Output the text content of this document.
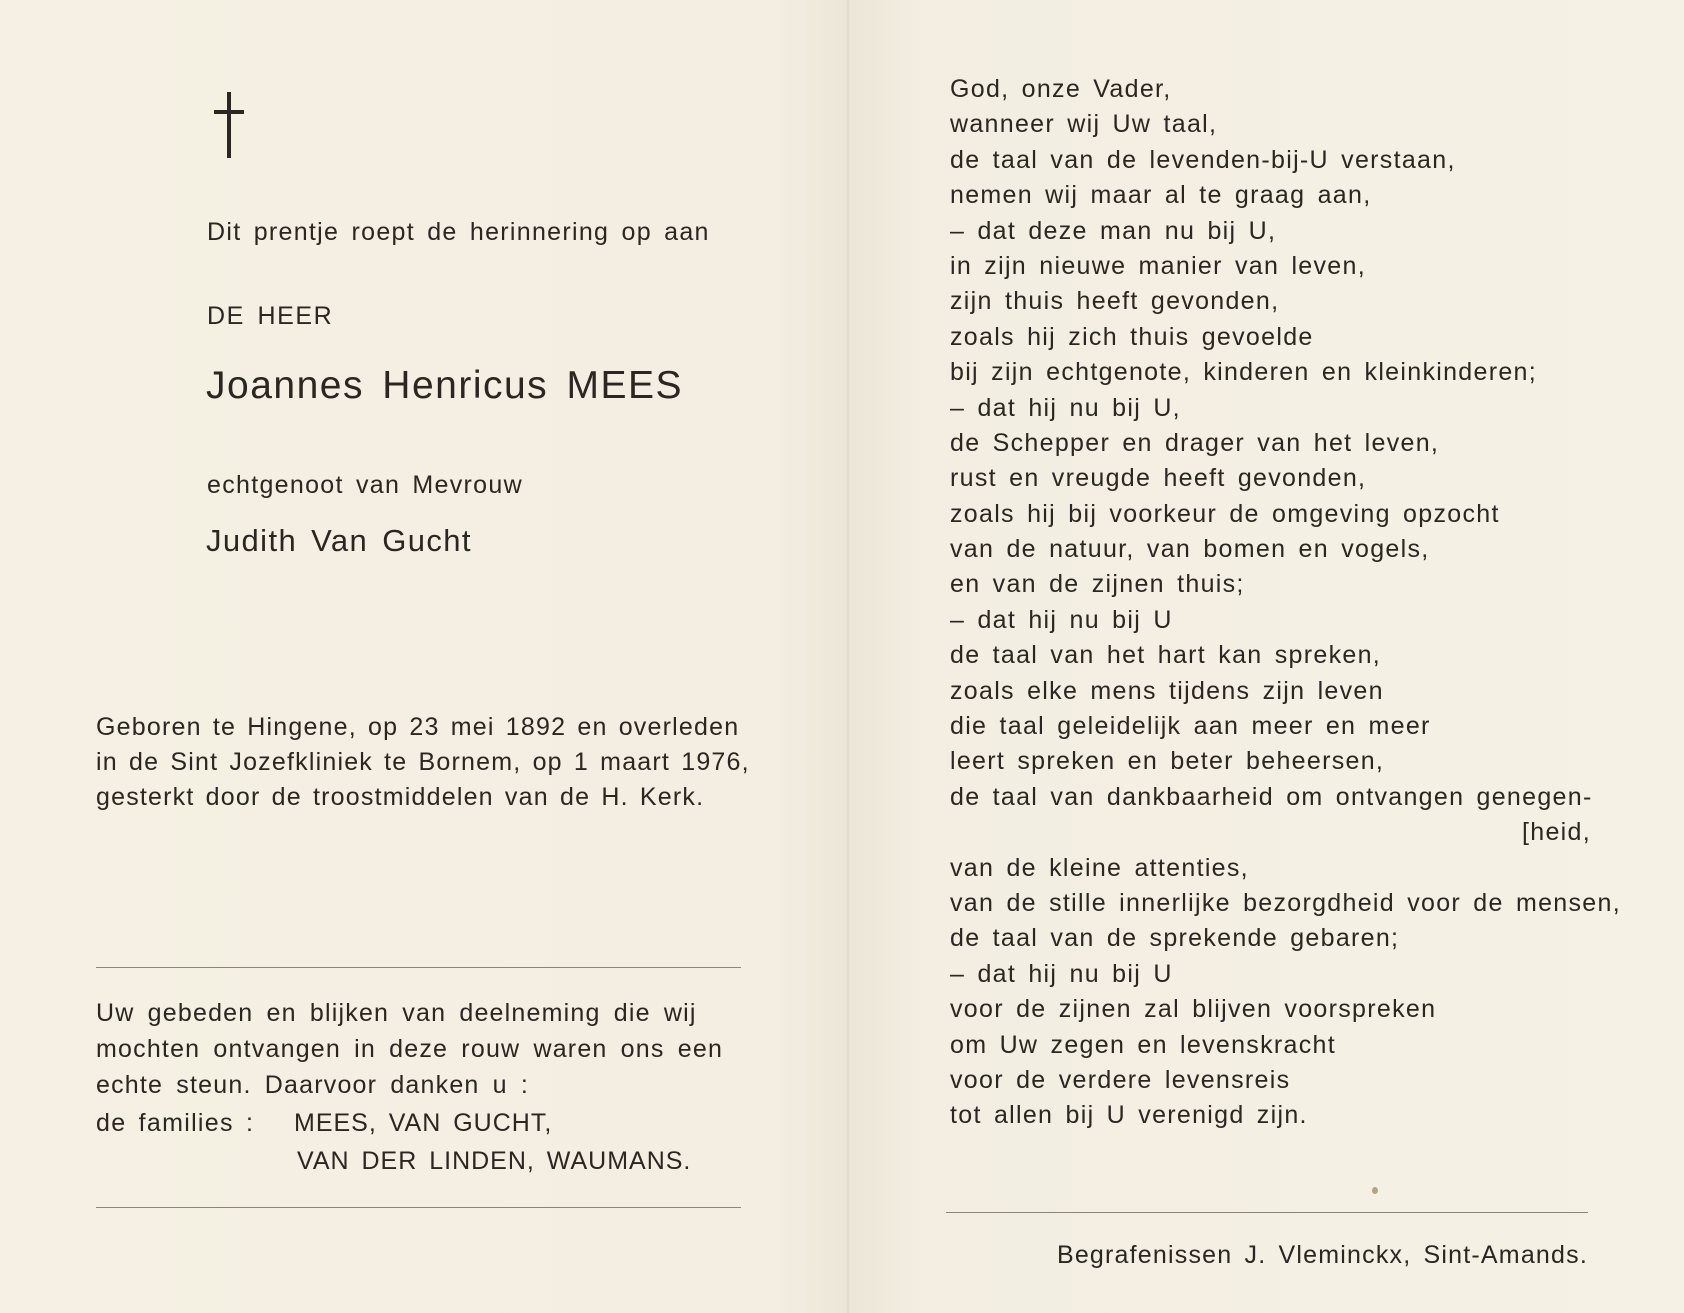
Dit prentje roept de herinnering op aan
DE HEER
Joannes Henricus MEES
echtgenoot van Mevrouw
Judith Van Gucht
Geboren te Hingene, op 23 mei 1892 en overleden
in de Sint Jozefkliniek te Bornem, op 1 maart 1976,
gesterkt door de troostmiddelen van de H. Kerk.
Uw gebeden en blijken van deelneming die wij
mochten ontvangen in deze rouw waren ons een
echte steun. Daarvoor danken u :
de families : MEES, VAN GUCHT,
VAN DER LINDEN, WAUMANS.
God, onze Vader,
wanneer wij Uw taal,
de taal van de levenden-bij-U verstaan,
nemen wij maar al te graag aan,
– dat deze man nu bij U,
in zijn nieuwe manier van leven,
zijn thuis heeft gevonden,
zoals hij zich thuis gevoelde
bij zijn echtgenote, kinderen en kleinkinderen;
– dat hij nu bij U,
de Schepper en drager van het leven,
rust en vreugde heeft gevonden,
zoals hij bij voorkeur de omgeving opzocht
van de natuur, van bomen en vogels,
en van de zijnen thuis;
– dat hij nu bij U
de taal van het hart kan spreken,
zoals elke mens tijdens zijn leven
die taal geleidelijk aan meer en meer
leert spreken en beter beheersen,
de taal van dankbaarheid om ontvangen genegen-
[heid,
van de kleine attenties,
van de stille innerlijke bezorgdheid voor de mensen,
de taal van de sprekende gebaren;
– dat hij nu bij U
voor de zijnen zal blijven voorspreken
om Uw zegen en levenskracht
voor de verdere levensreis
tot allen bij U verenigd zijn.
Begrafenissen J. Vleminckx, Sint-Amands.
